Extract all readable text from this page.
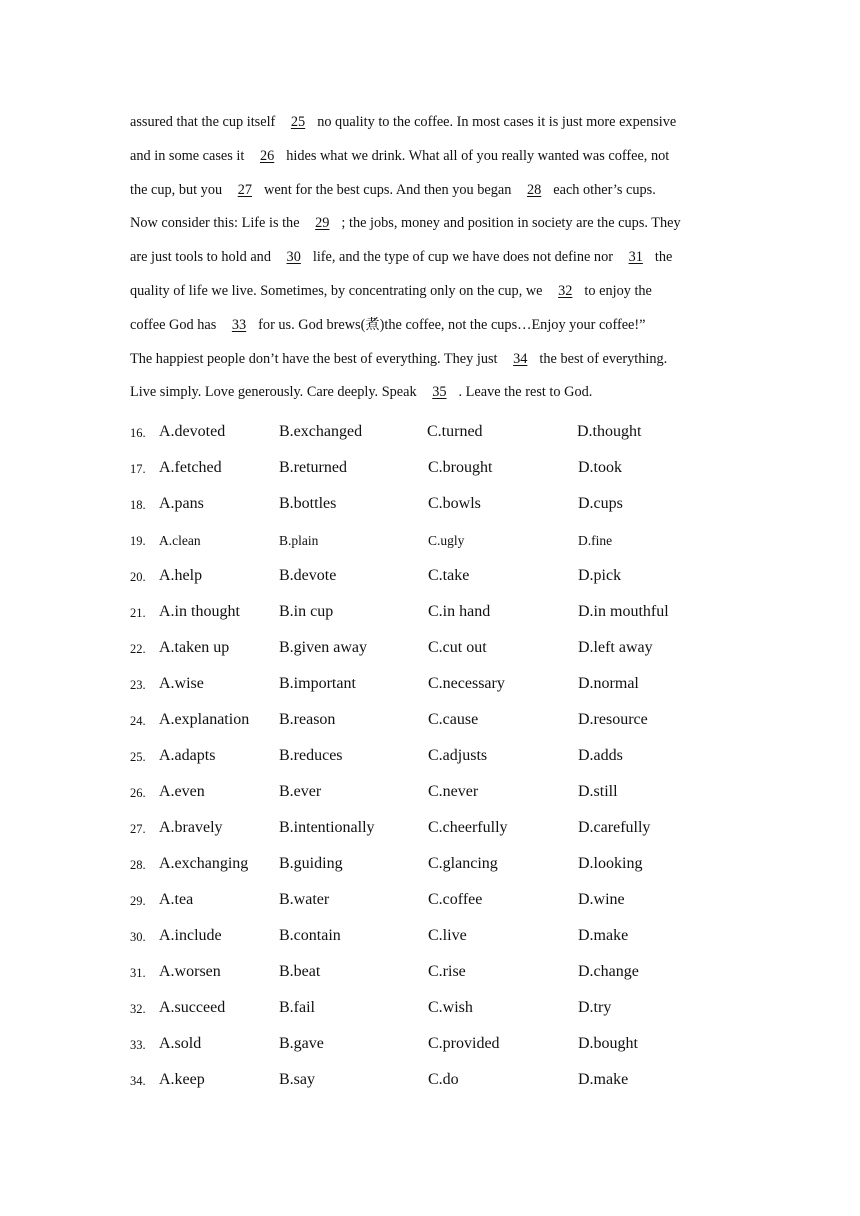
assured that the cup itself 25 no quality to the coffee. In most cases it is just more expensive
and in some cases it 26 hides what we drink. What all of you really wanted was coffee, not
the cup, but you 27 went for the best cups. And then you began 28 each other’s cups.
Now consider this: Life is the 29 ; the jobs, money and position in society are the cups. They
are just tools to hold and 30 life, and the type of cup we have does not define nor 31 the
quality of life we live. Sometimes, by concentrating only on the cup, we 32 to enjoy the
coffee God has 33 for us. God brews(煮)the coffee, not the cups…Enjoy your coffee!”
The happiest people don’t have the best of everything. They just 34 the best of everything.
Live simply. Love generously. Care deeply. Speak 35 . Leave the rest to God.
16. A.devoted	B.exchanged	C.turned	D.thought
17. A.fetched	B.returned	C.brought	D.took
18. A.pans	B.bottles	C.bowls	D.cups
19. A.clean	B.plain	C.ugly	D.fine
20. A.help	B.devote	C.take	D.pick
21. A.in thought B.in cup	C.in hand	D.in mouthful
22. A.taken up	B.given away	C.cut out	D.left away
23. A.wise	B.important	C.necessary	D.normal
24. A.explanation B.reason	C.cause	D.resource
25. A.adapts	B.reduces	C.adjusts	D.adds
26. A.even	B.ever	C.never	D.still
27. A.bravely	B.intentionally	C.cheerfully	D.carefully
28. A.exchanging B.guiding	C.glancing	D.looking
29. A.tea	B.water	C.coffee	D.wine
30. A.include	B.contain	C.live	D.make
31. A.worsen	B.beat	C.rise	D.change
32. A.succeed	B.fail	C.wish	D.try
33. A.sold	B.gave	C.provided	D.bought
34. A.keep	B.say	C.do	D.make
